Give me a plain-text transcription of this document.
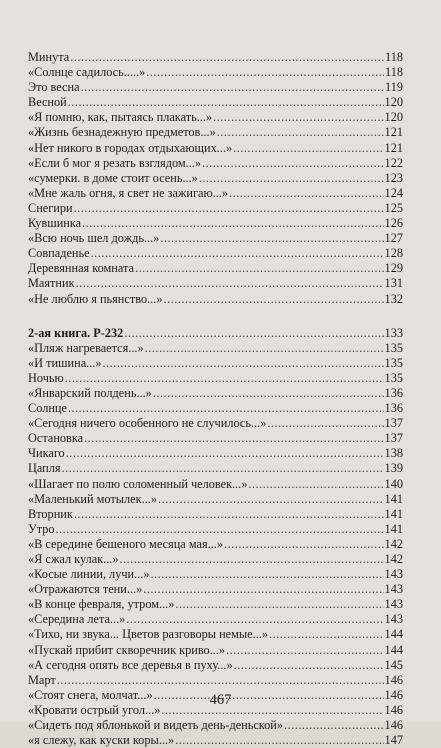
Минута .....	118
«Солнце садилось.....» .....	118
Это весна .....	119
Весной .....	120
«Я помню, как, пытаясь плакать...» .....	120
«Жизнь безнадежную предметов...» .....	121
«Нет никого в городах отдыхающих...» .....	121
«Если б мог я резать взглядом...» .....	122
«сумерки. в доме стоит осень...» .....	123
«Мне жаль огня, я свет не зажигаю...» .....	124
Снегири .....	125
Кувшинка .....	126
«Всю ночь шел дождь...» .....	127
Совпаденье .....	128
Деревянная комната .....	129
Маятник .....	131
«Не люблю я пьянство...» .....	132
2-ая книга. Р-232 .....	133
«Пляж нагревается...» .....	135
«И тишина...» .....	135
Ночью .....	135
«Январский полдень...» .....	136
Солнце .....	136
«Сегодня ничего особенного не случилось...» .....	137
Остановка .....	137
Чикаго .....	138
Цапля .....	139
«Шагает по полю соломенный человек...» .....	140
«Маленький мотылек...» .....	141
Вторник .....	141
Утро .....	141
«В середине бешеного месяца мая...» .....	142
«Я сжал кулак...» .....	142
«Косые линии, лучи...» .....	143
«Отражаются тени...» .....	143
«В конце февраля, утром...» .....	143
«Середина лета...» .....	143
«Тихо, ни звука... Цветов разговоры немые...» .....	144
«Пускай прибит скворечник криво...» .....	144
«А сегодня опять все деревья в пуху...» .....	145
Март .....	146
«Стоят снега, молчат...» .....	146
«Кровати острый угол...» .....	146
«Сидеть под яблонькой и видеть день-деньской» .....	146
«я слежу, как куски коры...» .....	147
467
